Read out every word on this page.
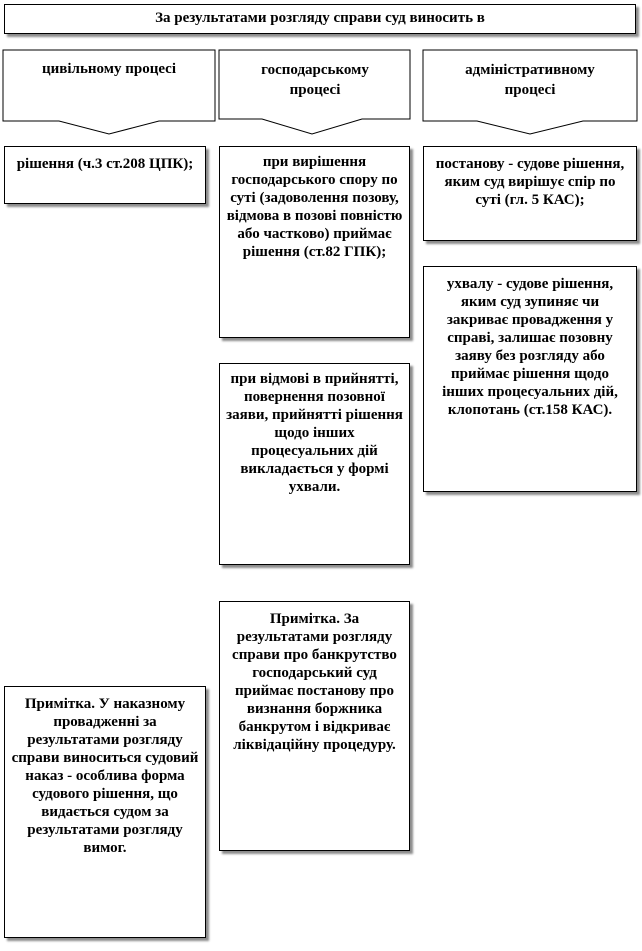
За результатами розгляду справи суд виносить в
цивільному процесі	господарському процесі
адміністративному процесі
рішення (ч.3 ст.208 ЦПК);
Примітка. У наказному провадженні за результатами розгляду справи виноситься судовий наказ - особлива форма судового рішення, що видається судом за результатами розгляду вимог.
при вирішення господарського спору по суті (задоволення позову, відмова в позові повністю або частково) приймає рішення (ст.82 ГПК);
при відмові в прийнятті, повернення позовної заяви, прийнятті рішення щодо інших процесуальних дій викладається у формі ухвали.
Примітка. За результатами розгляду справи про банкрутство господарський суд приймає постанову про визнання боржника банкрутом і відкриває ліквідаційну процедуру.
постанову - судове рішення, яким суд вирішує спір по суті (гл. 5 КАС);
ухвалу - судове рішення, яким суд зупиняє чи закриває провадження у справі, залишає позовну заяву без розгляду або приймає рішення щодо інших процесуальних дій, клопотань (ст.158 КАС).
